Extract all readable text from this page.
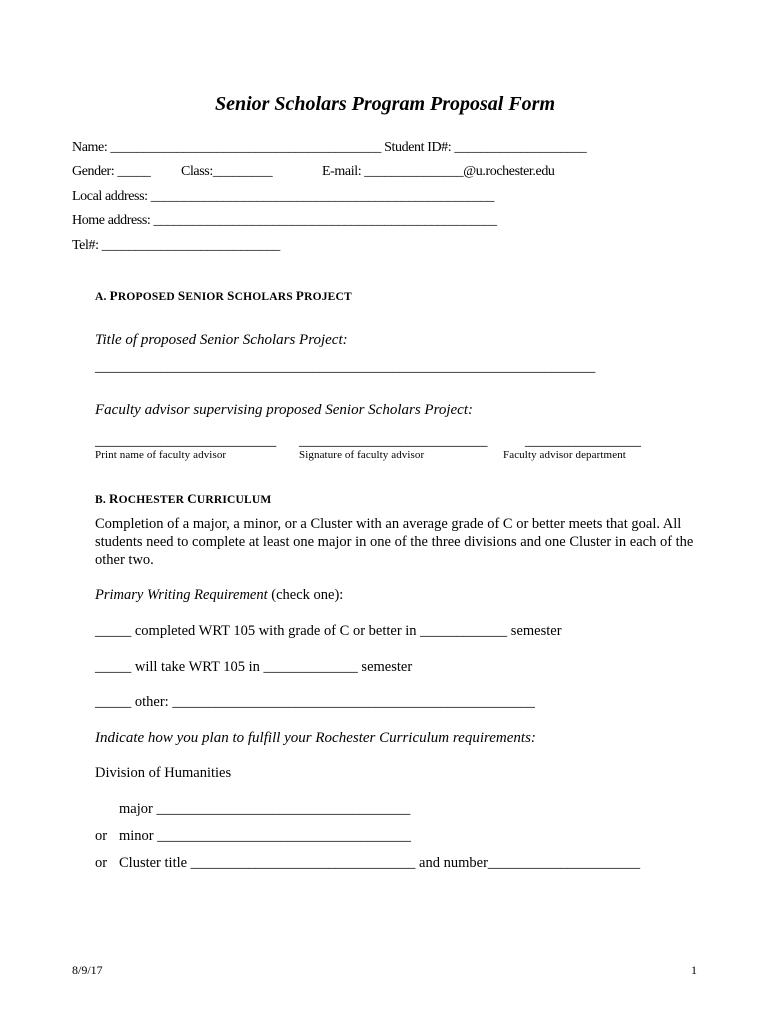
Senior Scholars Program Proposal Form
Name: _________________________________________ Student ID#: ____________________
Gender: _____ Class:_________	E-mail: _______________@u.rochester.edu
Local address: ____________________________________________________
Home address: ____________________________________________________
Tel#: ___________________________
A. PROPOSED SENIOR SCHOLARS PROJECT
Title of proposed Senior Scholars Project:
_____________________________________________________________________
Faculty advisor supervising proposed Senior Scholars Project:
_________________________ __________________________	________________
Print name of faculty advisor	Signature of faculty advisor	Faculty advisor department
B. ROCHESTER CURRICULUM
Completion of a major, a minor, or a Cluster with an average grade of C or better meets that goal. All students need to complete at least one major in one of the three divisions and one Cluster in each of the other two.
Primary Writing Requirement (check one):
_____ completed WRT 105 with grade of C or better in ____________ semester
_____ will take WRT 105 in _____________ semester
_____ other: __________________________________________________
Indicate how you plan to fulfill your Rochester Curriculum requirements:
Division of Humanities
major ___________________________________
or minor ___________________________________
or Cluster title _______________________________ and number_____________________
8/9/17	1
